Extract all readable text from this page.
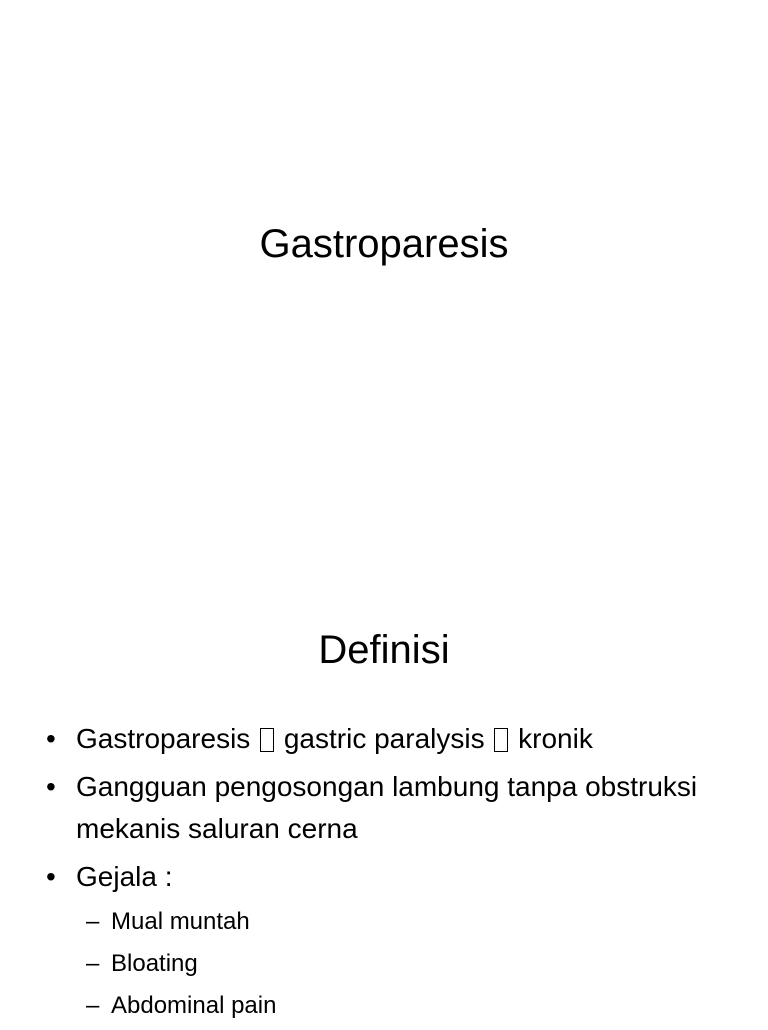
Gastroparesis
Definisi
• Gastroparesis gastric paralysis kronik
• Gangguan pengosongan lambung tanpa obstruksi mekanis saluran cerna
• Gejala :
– Mual muntah
– Bloating
– Abdominal pain
